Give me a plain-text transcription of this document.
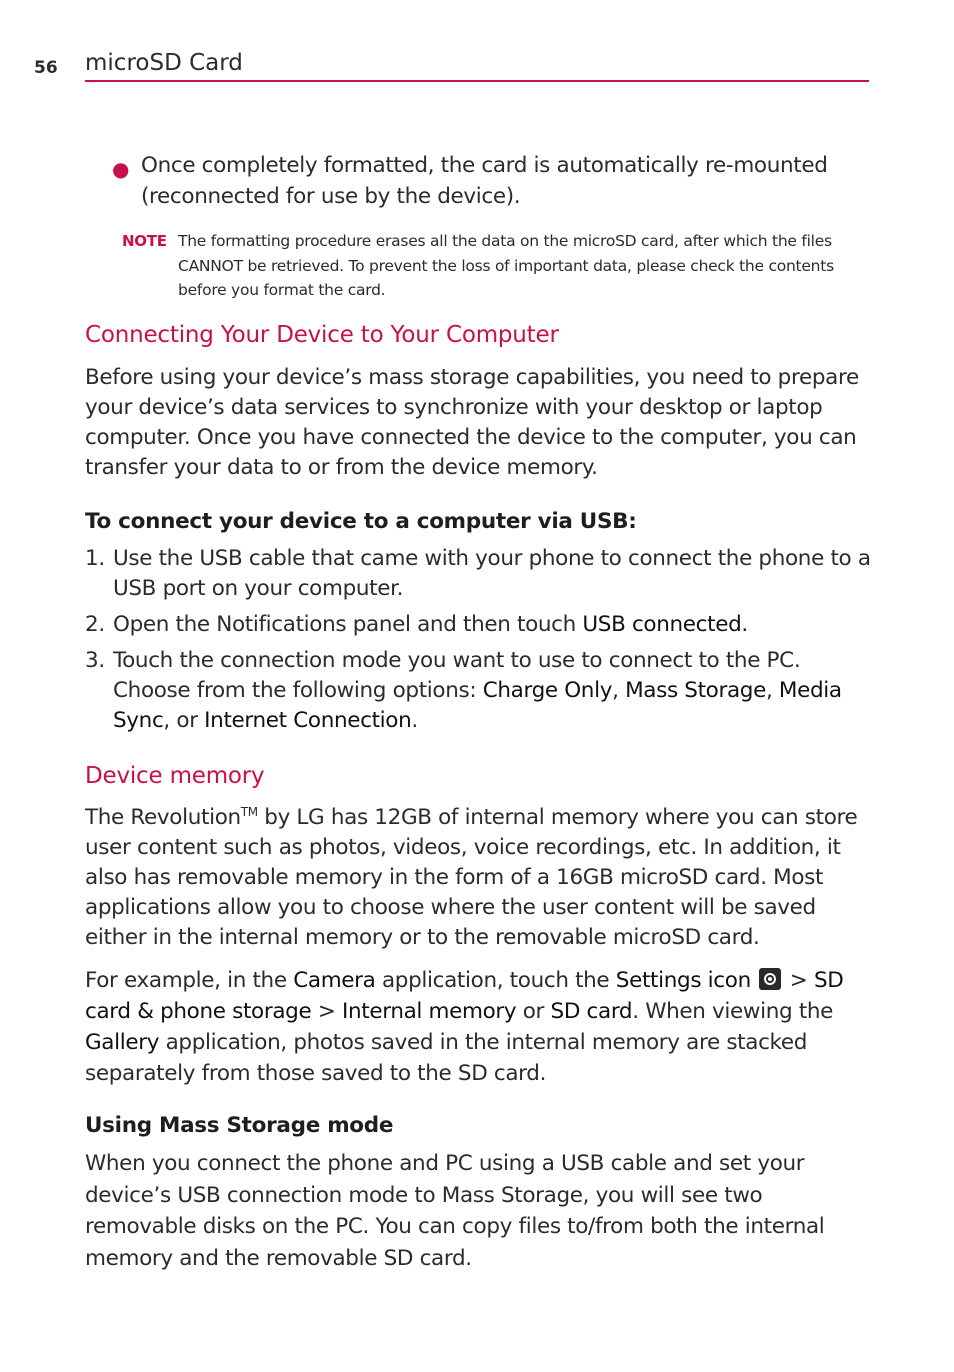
56 microSD Card
● Once completely formatted, the card is automatically re-mounted (reconnected for use by the device).
NOTE The formatting procedure erases all the data on the microSD card, after which the files CANNOT be retrieved. To prevent the loss of important data, please check the contents before you format the card.
Connecting Your Device to Your Computer
Before using your device’s mass storage capabilities, you need to prepare your device’s data services to synchronize with your desktop or laptop computer. Once you have connected the device to the computer, you can transfer your data to or from the device memory.
To connect your device to a computer via USB:
1. Use the USB cable that came with your phone to connect the phone to a USB port on your computer.
2. Open the Notifications panel and then touch USB connected.
3. Touch the connection mode you want to use to connect to the PC. Choose from the following options: Charge Only, Mass Storage, Media Sync, or Internet Connection.
Device memory
The Revolution™ by LG has 12GB of internal memory where you can store user content such as photos, videos, voice recordings, etc. In addition, it also has removable memory in the form of a 16GB microSD card. Most applications allow you to choose where the user content will be saved either in the internal memory or to the removable microSD card.
For example, in the Camera application, touch the Settings icon  > SD card & phone storage > Internal memory or SD card. When viewing the Gallery application, photos saved in the internal memory are stacked separately from those saved to the SD card.
Using Mass Storage mode
When you connect the phone and PC using a USB cable and set your device’s USB connection mode to Mass Storage, you will see two removable disks on the PC. You can copy files to/from both the internal memory and the removable SD card.
